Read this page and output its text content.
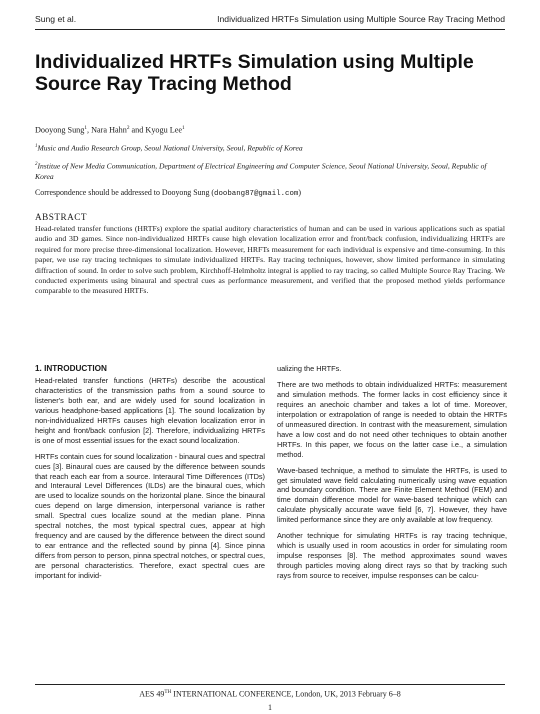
Sung et al.	Individualized HRTFs Simulation using Multiple Source Ray Tracing Method
Individualized HRTFs Simulation using Multiple Source Ray Tracing Method
Dooyong Sung$^1$, Nara Hahn$^2$ and Kyogu Lee$^1$
$^1$Music and Audio Research Group, Seoul National University, Seoul, Republic of Korea
$^2$Institue of New Media Communication, Department of Electrical Engineering and Computer Science, Seoul National University, Seoul, Republic of Korea
Correspondence should be addressed to Dooyong Sung (doobang87@gmail.com)
ABSTRACT
Head-related transfer functions (HRTFs) explore the spatial auditory characteristics of human and can be used in various applications such as spatial audio and 3D games. Since non-individualized HRTFs cause high elevation localization error and front/back confusion, individualizing HRTFs are required for more precise three-dimensional localization. However, HRFTs measurement for each individual is expensive and time-consuming. In this paper, we use ray tracing techniques to simulate individualized HRTFs. Ray tracing techniques, however, show limited performance in simulating diffraction of sound. In order to solve such problem, Kirchhoff-Helmholtz integral is applied to ray tracing, so called Multiple Source Ray Tracing. We conducted experiments using binaural and spectral cues as performance measurement, and verified that the proposed method yields performance comparable to the measured HRTFs.
1. INTRODUCTION

Head-related transfer functions (HRTFs) describe the acoustical characteristics of the transmission paths from a sound source to listener's both ear, and are widely used for sound localization in various headphone-based applications [1]. The sound localization by non-individualized HRTFs causes high elevation localization error in height and front/back confusion [2]. Therefore, individualizing HRTFs is one of most essential issues for the exact sound localization.

HRTFs contain cues for sound localization - binaural cues and spectral cues [3]. Binaural cues are caused by the difference between sounds that reach each ear from a source. Interaural Time Differences (ITDs) and Interaural Level Differences (ILDs) are the binaural cues, which are used to localize sounds on the horizontal plane. Since the binaural cues depend on large dimension, interpersonal variance is rather small. Spectral cues localize sound at the median plane. Pinna spectral notches, the most typical spectral cues, appear at high frequency and are caused by the difference between the direct sound to ear entrance and the reflected sound by pinna [4]. Since pinna differs from person to person, pinna spectral notches, or spectral cues, are personal characteristics. Therefore, exact spectral cues are important for individ-

ualizing the HRTFs.

There are two methods to obtain individualized HRTFs: measurement and simulation methods. The former lacks in cost efficiency since it requires an anechoic chamber and takes a lot of time. Moreover, interpolation or extrapolation of range is needed to obtain the HRTFs of unmeasured direction. In contrast with the measurement, simulation have a low cost and do not need other techniques to obtain another HRTFs. In this paper, we focus on the latter case i.e., a simulation method.

Wave-based technique, a method to simulate the HRTFs, is used to get simulated wave field calculating numerically using wave equation and boundary condition. There are Finite Element Method (FEM) and time domain difference model for wave-based technique which can calculate physically accurate wave field [6, 7]. However, they have limited performance since they are only available at low frequency.

Another technique for simulating HRTFs is ray tracing technique, which is usually used in room acoustics in order for simulating room impulse responses [8]. The method approximates sound waves through particles moving along direct rays so that by tracking such rays from source to receiver, impulse responses can be calcu-

AES 49TH INTERNATIONAL CONFERENCE, London, UK, 2013 February 6–8
1
